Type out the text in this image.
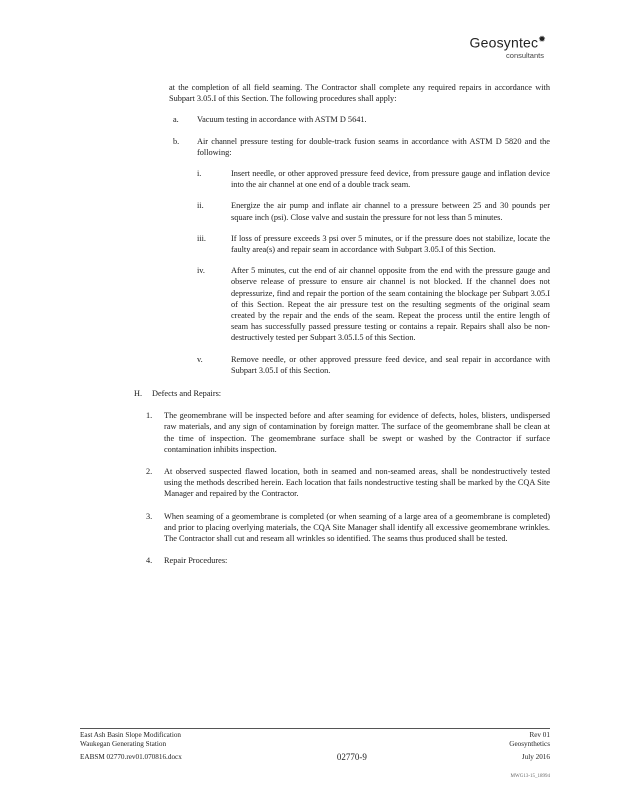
Geosyntec✹
consultants
at the completion of all field seaming. The Contractor shall complete any required repairs in accordance with Subpart 3.05.I of this Section. The following procedures shall apply:
a.	Vacuum testing in accordance with ASTM D 5641.
b.	Air channel pressure testing for double-track fusion seams in accordance with ASTM D 5820 and the following:
i.	Insert needle, or other approved pressure feed device, from pressure gauge and inflation device into the air channel at one end of a double track seam.
ii.	Energize the air pump and inflate air channel to a pressure between 25 and 30 pounds per square inch (psi). Close valve and sustain the pressure for not less than 5 minutes.
iii.	If loss of pressure exceeds 3 psi over 5 minutes, or if the pressure does not stabilize, locate the faulty area(s) and repair seam in accordance with Subpart 3.05.I of this Section.
iv.	After 5 minutes, cut the end of air channel opposite from the end with the pressure gauge and observe release of pressure to ensure air channel is not blocked. If the channel does not depressurize, find and repair the portion of the seam containing the blockage per Subpart 3.05.I of this Section. Repeat the air pressure test on the resulting segments of the original seam created by the repair and the ends of the seam. Repeat the process until the entire length of seam has successfully passed pressure testing or contains a repair. Repairs shall also be non-destructively tested per Subpart 3.05.I.5 of this Section.
v.	Remove needle, or other approved pressure feed device, and seal repair in accordance with Subpart 3.05.I of this Section.
H.	Defects and Repairs:
1.	The geomembrane will be inspected before and after seaming for evidence of defects, holes, blisters, undispersed raw materials, and any sign of contamination by foreign matter. The surface of the geomembrane shall be clean at the time of inspection. The geomembrane surface shall be swept or washed by the Contractor if surface contamination inhibits inspection.
2.	At observed suspected flawed location, both in seamed and non-seamed areas, shall be nondestructively tested using the methods described herein. Each location that fails nondestructive testing shall be marked by the CQA Site Manager and repaired by the Contractor.
3.	When seaming of a geomembrane is completed (or when seaming of a large area of a geomembrane is completed) and prior to placing overlying materials, the CQA Site Manager shall identify all excessive geomembrane wrinkles. The Contractor shall cut and reseam all wrinkles so identified. The seams thus produced shall be tested.
4.	Repair Procedures:
East Ash Basin Slope Modification	Rev 01
Waukegan Generating Station	Geosynthetics
EABSM 02770.rev01.070816.docx	02770-9	July 2016
MWG13-15_18994
